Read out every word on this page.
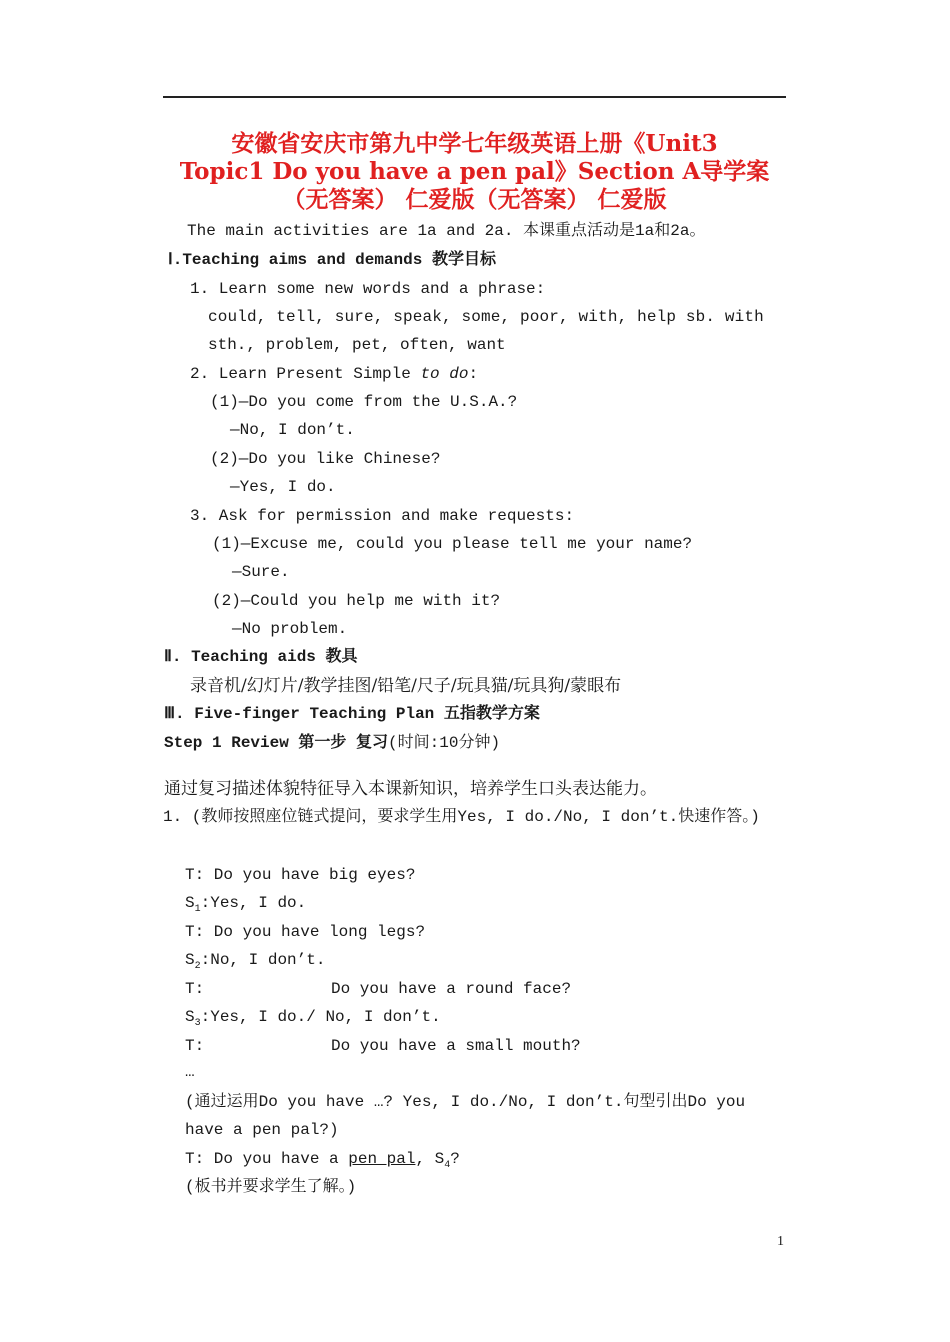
安徽省安庆市第九中学七年级英语上册《Unit3
Topic1 Do you have a pen pal》Section A导学案
（无答案） 仁爱版（无答案） 仁爱版
The main activities are 1a and 2a. 本课重点活动是1a和2a。
Ⅰ.Teaching aims and demands 教学目标
1. Learn some new words and a phrase:
could, tell, sure, speak, some, poor, with, help sb. with
sth., problem, pet, often, want
2. Learn Present Simple to do:
(1)—Do you come from the U.S.A.?
—No, I don’t.
(2)—Do you like Chinese?
—Yes, I do.
3. Ask for permission and make requests:
(1)—Excuse me, could you please tell me your name?
—Sure.
(2)—Could you help me with it?
—No problem.
Ⅱ. Teaching aids 教具
录音机/幻灯片/教学挂图/铅笔/尺子/玩具猫/玩具狗/蒙眼布
Ⅲ. Five-finger Teaching Plan 五指教学方案
Step 1 Review 第一步 复习(时间:10分钟)
通过复习描述体貌特征导入本课新知识，培养学生口头表达能力。
1. (教师按照座位链式提问，要求学生用Yes, I do./No, I don’t.快速作答。)
T: Do you have big eyes?
$S_1:Yes$, I do.
T: Do you have long legs?
$S_2:No$, I don’t.
T:	Do you have a round face?
$S_3:Yes$, I do./ No, I don’t.
T:	Do you have a small mouth?
…
(通过运用Do you have …? Yes, I do./No, I don’t.句型引出Do you have a pen pal?)
T: Do you have a pen pal, $S_4$?
(板书并要求学生了解。)
1
